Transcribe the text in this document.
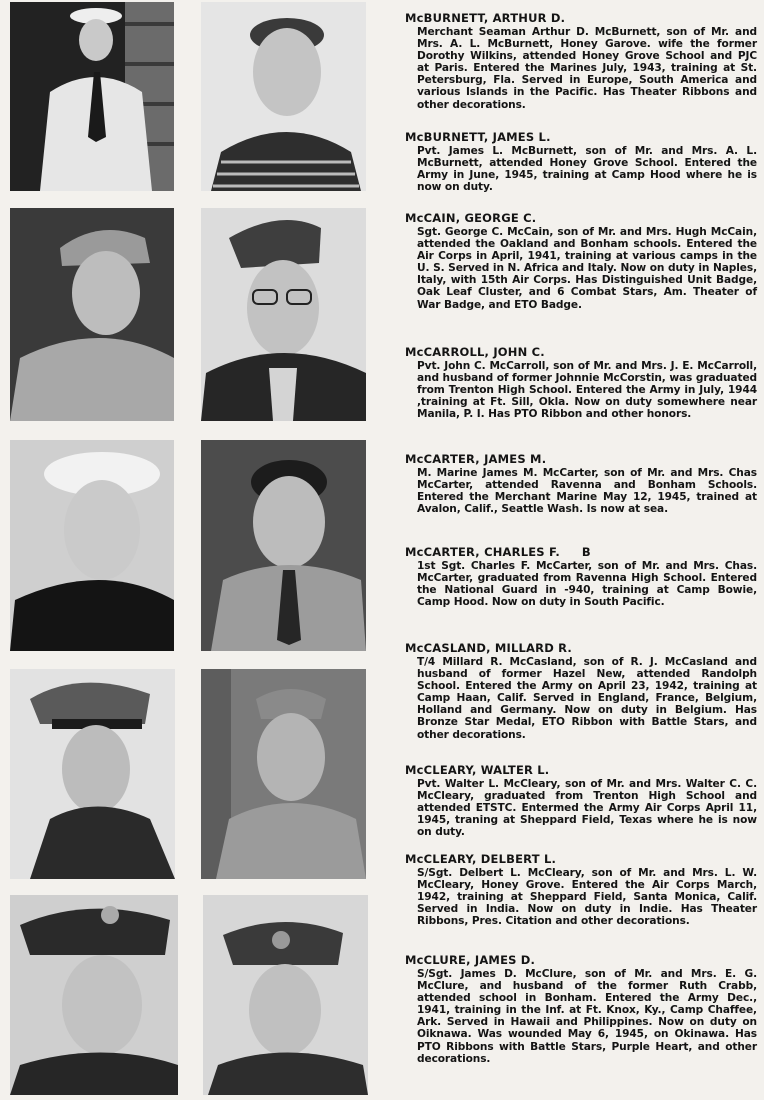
McBURNETT, ARTHUR D.

Merchant Seaman Arthur D. McBurnett, son of Mr. and Mrs. A. L. McBurnett, Honey Garove. wife the former Dorothy Wilkins, attended Honey Grove School and PJC at Paris. Entered the Marines July, 1943, training at St. Petersburg, Fla. Served in Europe, South America and various Islands in the Pacific. Has Theater Ribbons and other decorations.

McBURNETT, JAMES L.

Pvt. James L. McBurnett, son of Mr. and Mrs. A. L. McBurnett, attended Honey Grove School. Entered the Army in June, 1945, training at Camp Hood where he is now on duty.

McCAIN, GEORGE C.

Sgt. George C. McCain, son of Mr. and Mrs. Hugh McCain, attended the Oakland and Bonham schools. Entered the Air Corps in April, 1941, training at various camps in the U. S. Served in N. Africa and Italy. Now on duty in Naples, Italy, with 15th Air Corps. Has Distinguished Unit Badge, Oak Leaf Cluster, and 6 Combat Stars, Am. Theater of War Badge, and ETO Badge.

McCARROLL, JOHN C.

Pvt. John C. McCarroll, son of Mr. and Mrs. J. E. McCarroll, and husband of former Johnnie McCorstin, was graduated from Trenton High School. Entered the Army in July, 1944 ,training at Ft. Sill, Okla. Now on duty somewhere near Manila, P. I. Has PTO Ribbon and other honors.

McCARTER, JAMES M.

M. Marine James M. McCarter, son of Mr. and Mrs. Chas McCarter, attended Ravenna and Bonham Schools. Entered the Merchant Marine May 12, 1945, trained at Avalon, Calif., Seattle Wash. Is now at sea.

McCARTER, CHARLES F. B

1st Sgt. Charles F. McCarter, son of Mr. and Mrs. Chas. McCarter, graduated from Ravenna High School. Entered the National Guard in -940, training at Camp Bowie, Camp Hood. Now on duty in South Pacific.

McCASLAND, MILLARD R.

T/4 Millard R. McCasland, son of R. J. McCasland and husband of former Hazel New, attended Randolph School. Entered the Army on April 23, 1942, training at Camp Haan, Calif. Served in England, France, Belgium, Holland and Germany. Now on duty in Belgium. Has Bronze Star Medal, ETO Ribbon with Battle Stars, and other decorations.

McCLEARY, WALTER L.

Pvt. Walter L. McCleary, son of Mr. and Mrs. Walter C. C. McCleary, graduated from Trenton High School and attended ETSTC. Entermed the Army Air Corps April 11, 1945, traning at Sheppard Field, Texas where he is now on duty.

McCLEARY, DELBERT L.

S/Sgt. Delbert L. McCleary, son of Mr. and Mrs. L. W. McCleary, Honey Grove. Entered the Air Corps March, 1942, training at Sheppard Field, Santa Monica, Calif. Served in India. Now on duty in Indie. Has Theater Ribbons, Pres. Citation and other decorations.

McCLURE, JAMES D.

S/Sgt. James D. McClure, son of Mr. and Mrs. E. G. McClure, and husband of the former Ruth Crabb, attended school in Bonham. Entered the Army Dec., 1941, training in the Inf. at Ft. Knox, Ky., Camp Chaffee, Ark. Served in Hawaii and Philippines. Now on duty on Oiknawa. Was wounded May 6, 1945, on Okinawa. Has PTO Ribbons with Battle Stars, Purple Heart, and other decorations.
